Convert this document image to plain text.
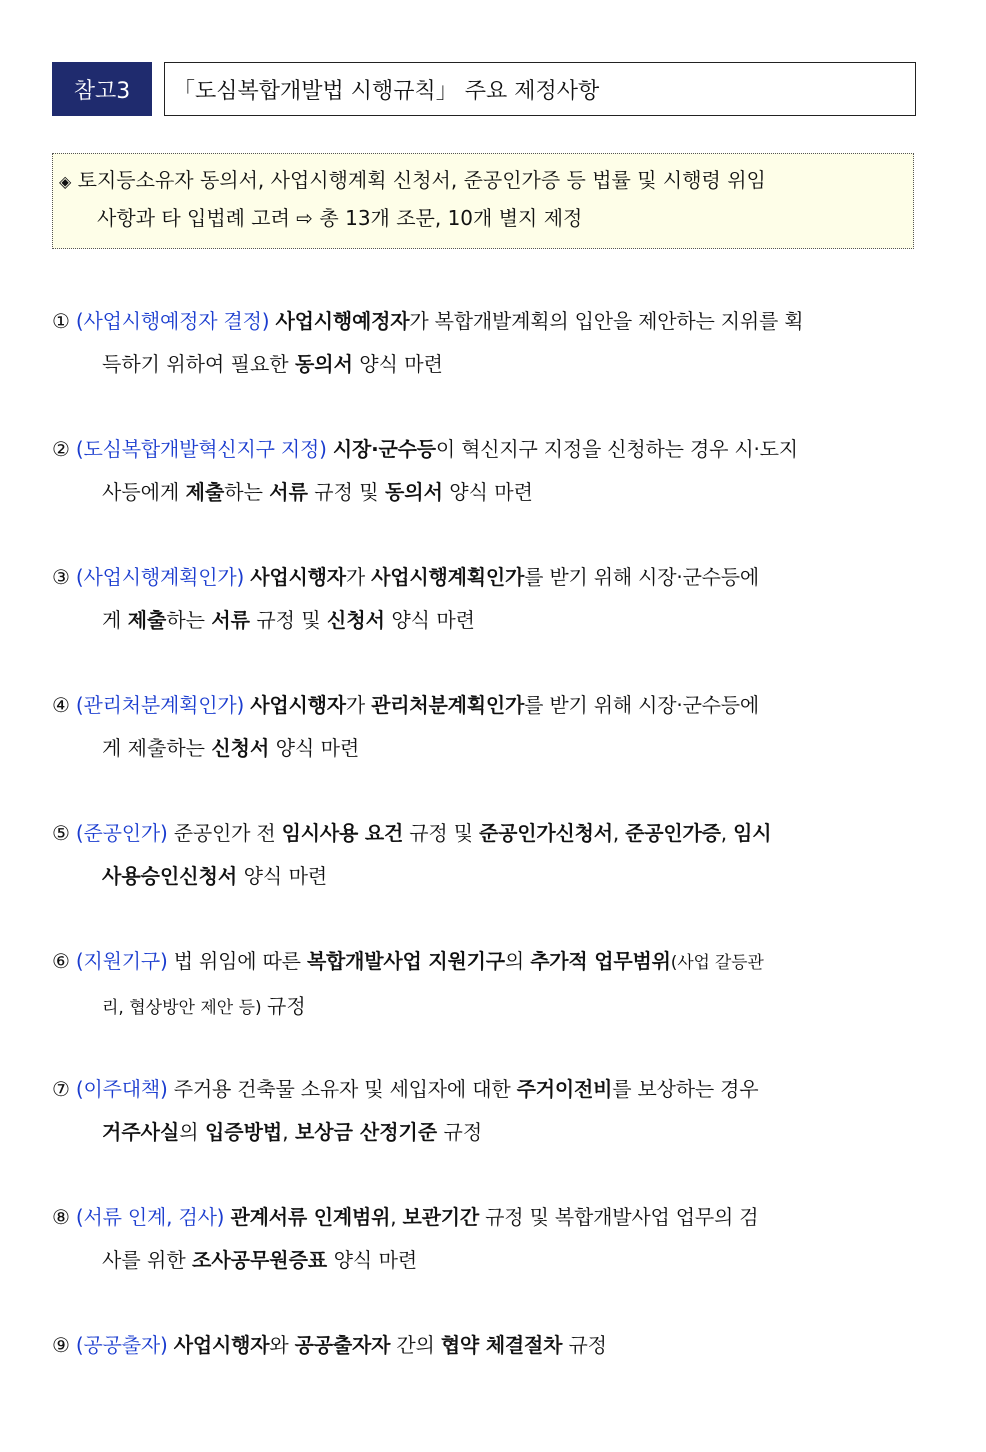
참고3	「도심복합개발법 시행규칙」 주요 제정사항
◈ 토지등소유자 동의서, 사업시행계획 신청서, 준공인가증 등 법률 및 시행령 위임
사항과 타 입법례 고려 ⇨ 총 13개 조문, 10개 별지 제정
① (사업시행예정자 결정) 사업시행예정자가 복합개발계획의 입안을 제안하는 지위를 획
득하기 위하여 필요한 동의서 양식 마련
② (도심복합개발혁신지구 지정) 시장·군수등이 혁신지구 지정을 신청하는 경우 시·도지
사등에게 제출하는 서류 규정 및 동의서 양식 마련
③ (사업시행계획인가) 사업시행자가 사업시행계획인가를 받기 위해 시장·군수등에
게 제출하는 서류 규정 및 신청서 양식 마련
④ (관리처분계획인가) 사업시행자가 관리처분계획인가를 받기 위해 시장·군수등에
게 제출하는 신청서 양식 마련
⑤ (준공인가) 준공인가 전 임시사용 요건 규정 및 준공인가신청서, 준공인가증, 임시
사용승인신청서 양식 마련
⑥ (지원기구) 법 위임에 따른 복합개발사업 지원기구의 추가적 업무범위(사업 갈등관
리, 협상방안 제안 등) 규정
⑦ (이주대책) 주거용 건축물 소유자 및 세입자에 대한 주거이전비를 보상하는 경우
거주사실의 입증방법, 보상금 산정기준 규정
⑧ (서류 인계, 검사) 관계서류 인계범위, 보관기간 규정 및 복합개발사업 업무의 검
사를 위한 조사공무원증표 양식 마련
⑨ (공공출자) 사업시행자와 공공출자자 간의 협약 체결절차 규정
